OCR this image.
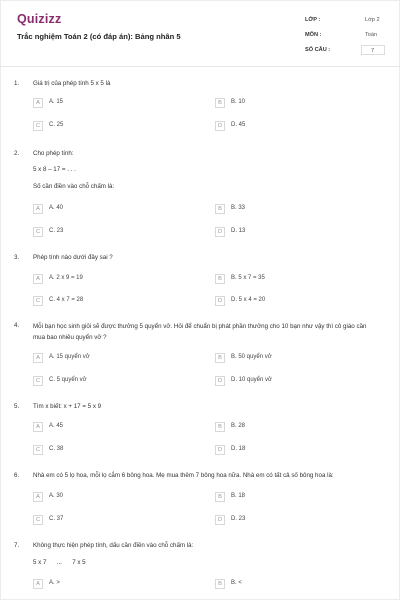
Quizizz
Trắc nghiệm Toán 2 (có đáp án): Bảng nhân 5
LỚP :	Lớp 2
MÔN :	Toán
SỐ CÂU :	7
1. Giá trị của phép tính 5 x 5 là
A	A. 15	B	B. 10
C	C. 25	D	D. 45
2. Cho phép tính:
5 x 8 – 17 = . . .
Số cần điền vào chỗ chấm là:
A	A. 40	B	B. 33
C	C. 23	D	D. 13
3. Phép tính nào dưới đây sai ?
A	A. 2 x 9 = 19	B	B. 5 x 7 = 35
C	C. 4 x 7 = 28	D	D. 5 x 4 = 20
4. Mỗi bạn học sinh giỏi sẽ được thưởng 5 quyển vở. Hỏi để chuẩn bị phát phần thưởng cho 10 bạn như vậy thì cô giáo cần mua bao nhiêu quyển vở ?
A	A. 15 quyển vở	B	B. 50 quyển vở
C	C. 5 quyển vở	D	D. 10 quyển vở
5. Tìm x biết: x + 17 = 5 x 9
A	A. 45	B	B. 28
C	C. 38	D	D. 18
6. Nhà em có 5 lọ hoa, mỗi lọ cắm 6 bông hoa. Mẹ mua thêm 7 bông hoa nữa. Nhà em có tất cả số bông hoa là:
A	A. 30	B	B. 18
C	C. 37	D	D. 23
7. Không thực hiện phép tính, dấu cần điền vào chỗ chấm là:
5 x 7      ...      7 x 5
A	A. >	B	B. <
